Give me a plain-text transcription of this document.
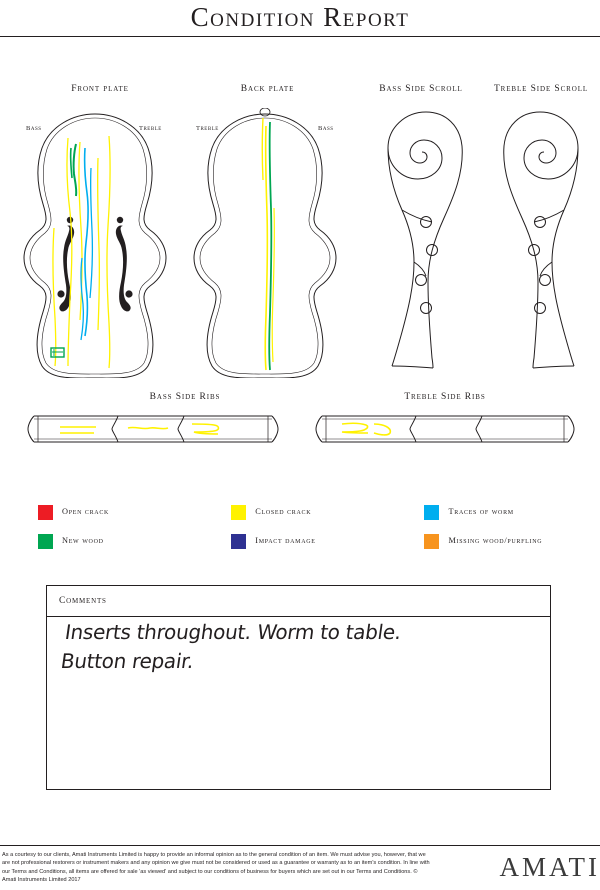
Condition Report
Front plate	Back plate	Bass Side Scroll	Treble Side Scroll
Bass Side Ribs	Treble Side Ribs
Bass	Treble	Treble	Bass
Open crack	Closed crack	Traces of worm
New wood	Impact damage	Missing wood/purfling
Comments
Inserts throughout. Worm to table.
Button repair.
As a courtesy to our clients, Amati Instruments Limited is happy to provide an informal opinion as to the general condition of an item. We must advise you, however, that we are not professional restorers or instrument makers and any opinion we give must not be considered or used as a guarantee or warranty as to an item's condition. In line with our Terms and Conditions, all items are offered for sale 'as viewed' and subject to our conditions of business for buyers which are set out in our Terms and Conditions. © Amati Instruments Limited 2017	AMATI
